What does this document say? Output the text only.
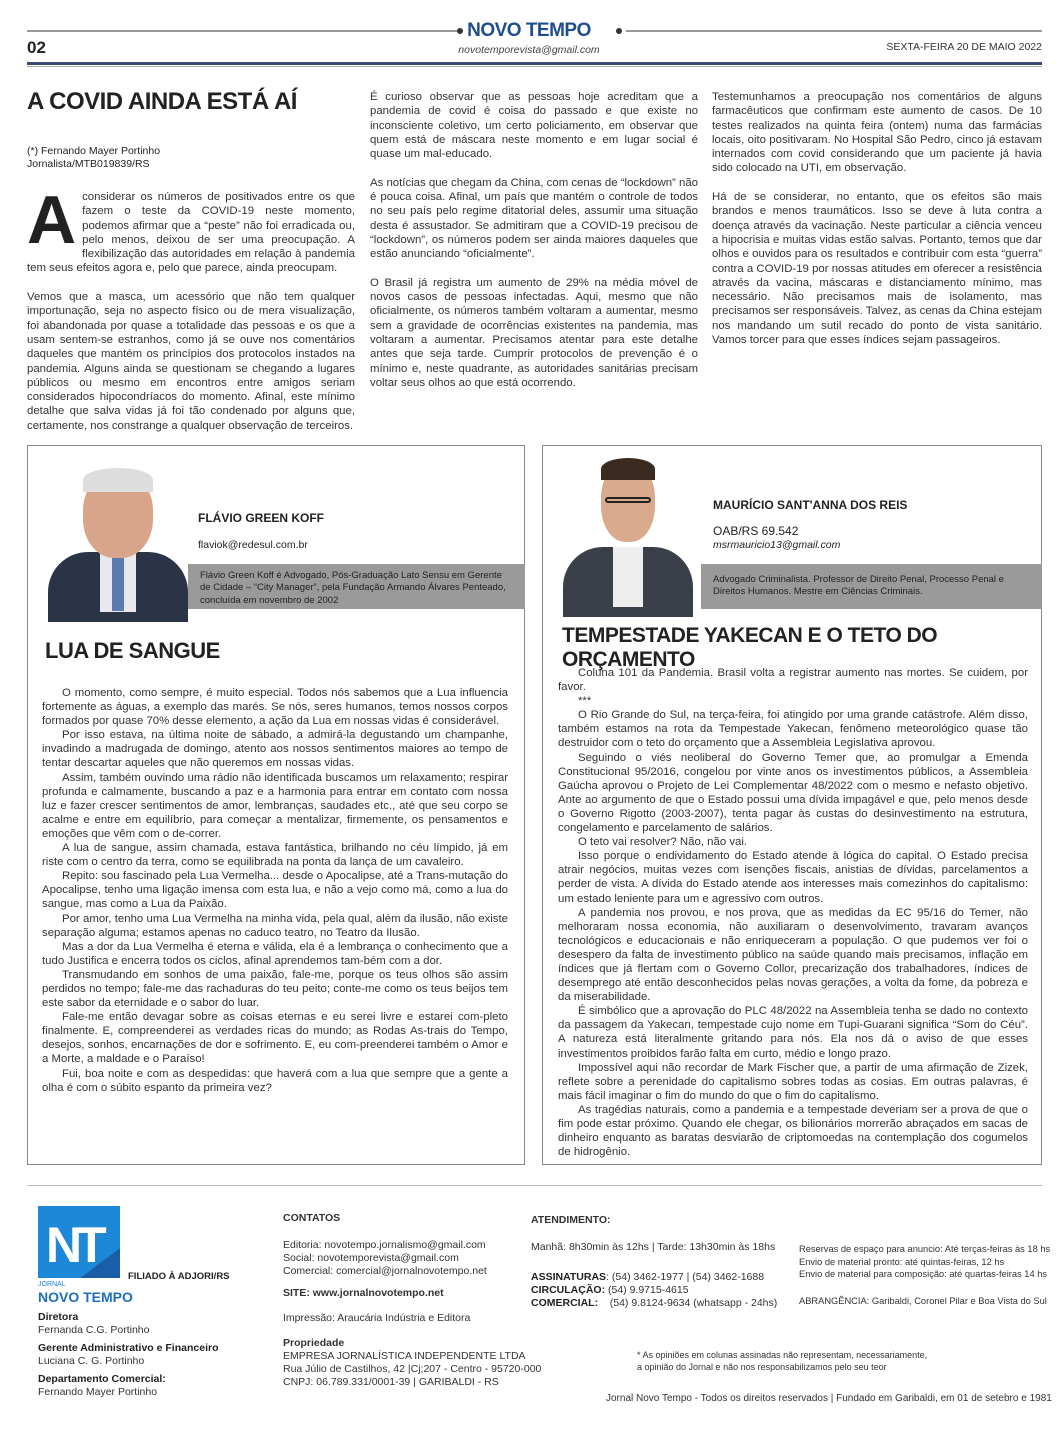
NOVO TEMPO
novotemporevista@gmail.com
02	SEXTA-FEIRA 20 DE MAIO 2022
A COVID AINDA ESTÁ AÍ
(*) Fernando Mayer Portinho
Jornalista/MTB019839/RS

Aconsiderar os números de positivados entre os que fazem o teste da COVID-19 neste momento, podemos afirmar que a “peste” não foi erradicada ou, pelo menos, deixou de ser uma preocupação. A flexibilização das autoridades em relação à pandemia tem seus efeitos agora e, pelo que parece, ainda preocupam.

Vemos que a masca, um acessório que não tem qualquer importunação, seja no aspecto físico ou de mera visualização, foi abandonada por quase a totalidade das pessoas e os que a usam sentem-se estranhos, como já se ouve nos comentários daqueles que mantém os princípios dos protocolos instados na pandemia. Alguns ainda se questionam se chegando a lugares públicos ou mesmo em encontros entre amigos seriam considerados hipocondríacos do momento. Afinal, este mínimo detalhe que salva vidas já foi tão condenado por alguns que, certamente, nos constrange a qualquer observação de terceiros.

É curioso observar que as pessoas hoje acreditam que a pandemia de covid é coisa do passado e que existe no inconsciente coletivo, um certo policiamento, em observar que quem está de máscara neste momento e em lugar social é quase um mal-educado.

As notícias que chegam da China, com cenas de “lockdown” não é pouca coisa. Afinal, um país que mantém o controle de todos no seu país pelo regime ditatorial deles, assumir uma situação desta é assustador. Se admitiram que a COVID-19 precisou de “lockdown”, os números podem ser ainda maiores daqueles que estão anunciando “oficialmente”.

O Brasil já registra um aumento de 29% na média móvel de novos casos de pessoas infectadas. Aqui, mesmo que não oficialmente, os números também voltaram a aumentar, mesmo sem a gravidade de ocorrências existentes na pandemia, mas voltaram a aumentar. Precisamos atentar para este detalhe antes que seja tarde. Cumprir protocolos de prevenção é o mínimo e, neste quadrante, as autoridades sanitárias precisam voltar seus olhos ao que está ocorrendo.

Testemunhamos a preocupação nos comentários de alguns farmacêuticos que confirmam este aumento de casos. De 10 testes realizados na quinta feira (ontem) numa das farmácias locais, oito positivaram. No Hospital São Pedro, cinco já estavam internados com covid considerando que um paciente já havia sido colocado na UTI, em observação.

Há de se considerar, no entanto, que os efeitos são mais brandos e menos traumáticos. Isso se deve à luta contra a doença através da vacinação. Neste particular a ciência venceu a hipocrisia e muitas vidas estão salvas. Portanto, temos que dar olhos e ouvidos para os resultados e contribuir com esta “guerra” contra a COVID-19 por nossas atitudes em oferecer a resistência através da vacina, máscaras e distanciamento mínimo, mas necessário. Não precisamos mais de isolamento, mas precisamos ser responsáveis. Talvez, as cenas da China estejam nos mandando um sutil recado do ponto de vista sanitário. Vamos torcer para que esses índices sejam passageiros.

FLÁVIO GREEN KOFF
flaviok@redesul.com.br
Flávio Green Koff é Advogado, Pós-Graduação Lato Sensu em Gerente de Cidade – “City Manager”, pela Fundação Armando Álvares Penteado, concluída em novembro de 2002
LUA DE SANGUE

O momento, como sempre, é muito especial. Todos nós sabemos que a Lua influencia fortemente as águas, a exemplo das marés. Se nós, seres humanos, temos nossos corpos formados por quase 70% desse elemento, a ação da Lua em nossas vidas é considerável.

Por isso estava, na última noite de sábado, a admirá-la degustando um champanhe, invadindo a madrugada de domingo, atento aos nossos sentimentos maiores ao tempo de tentar descartar aqueles que não queremos em nossas vidas.

Assim, também ouvindo uma rádio não identificada buscamos um relaxamento; respirar profunda e calmamente, buscando a paz e a harmonia para entrar em contato com nossa luz e fazer crescer sentimentos de amor, lembranças, saudades etc., até que seu corpo se acalme e entre em equilíbrio, para começar a mentalizar, firmemente, os pensamentos e emoções que vêm com o de-correr.

A lua de sangue, assim chamada, estava fantástica, brilhando no céu límpido, já em riste com o centro da terra, como se equilibrada na ponta da lança de um cavaleiro.

Repito: sou fascinado pela Lua Vermelha... desde o Apocalipse, até a Trans-mutação do Apocalipse, tenho uma ligação imensa com esta lua, e não a vejo como má, como a lua do sangue, mas como a Lua da Paixão.

Por amor, tenho uma Lua Vermelha na minha vida, pela qual, além da ilusão, não existe separação alguma; estamos apenas no caduco teatro, no Teatro da Ilusão.

Mas a dor da Lua Vermelha é eterna e válida, ela é a lembrança o conhecimento que a tudo Justifica e encerra todos os ciclos, afinal aprendemos tam-bém com a dor.

Transmudando em sonhos de uma paixão, fale-me, porque os teus olhos são assim perdidos no tempo; fale-me das rachaduras do teu peito; conte-me como os teus beijos tem este sabor da eternidade e o sabor do luar.

Fale-me então devagar sobre as coisas eternas e eu serei livre e estarei com-pleto finalmente. E, compreenderei as verdades ricas do mundo; as Rodas As-trais do Tempo, desejos, sonhos, encarnações de dor e sofrimento. E, eu com-preenderei também o Amor e a Morte, a maldade e o Paraíso!

Fui, boa noite e com as despedidas: que haverá com a lua que sempre que a gente a olha é com o súbito espanto da primeira vez?

MAURÍCIO SANT'ANNA DOS REIS
OAB/RS 69.542
msrmauricio13@gmail.com
Advogado Criminalista. Professor de Direito Penal, Processo Penal e Direitos Humanos. Mestre em Ciências Criminais.
TEMPESTADE YAKECAN E O TETO DO ORÇAMENTO

Coluna 101 da Pandemia. Brasil volta a registrar aumento nas mortes. Se cuidem, por favor.

***

O Rio Grande do Sul, na terça-feira, foi atingido por uma grande catástrofe. Além disso, também estamos na rota da Tempestade Yakecan, fenômeno meteorológico quase tão destruidor com o teto do orçamento que a Assembleia Legislativa aprovou.

Seguindo o viés neoliberal do Governo Temer que, ao promulgar a Emenda Constitucional 95/2016, congelou por vinte anos os investimentos públicos, a Assembleia Gaúcha aprovou o Projeto de Lei Complementar 48/2022 com o mesmo e nefasto objetivo. Ante ao argumento de que o Estado possui uma dívida impagável e que, pelo menos desde o Governo Rigotto (2003-2007), tenta pagar às custas do desinvestimento na estrutura, congelamento e parcelamento de salários.

O teto vai resolver? Não, não vai.

Isso porque o endividamento do Estado atende à lógica do capital. O Estado precisa atrair negócios, muitas vezes com isenções fiscais, anistias de dívidas, parcelamentos a perder de vista. A dívida do Estado atende aos interesses mais comezinhos do capitalismo: um estado leniente para um e agressivo com outros.

A pandemia nos provou, e nos prova, que as medidas da EC 95/16 do Temer, não melhoraram nossa economia, não auxiliaram o desenvolvimento, travaram avanços tecnológicos e educacionais e não enriqueceram a população. O que pudemos ver foi o desespero da falta de investimento público na saúde quando mais precisamos, inflação em índices que já flertam com o Governo Collor, precarização dos trabalhadores, índices de desemprego até então desconhecidos pelas novas gerações, a volta da fome, da pobreza e da miserabilidade.

É simbólico que a aprovação do PLC 48/2022 na Assembleia tenha se dado no contexto da passagem da Yakecan, tempestade cujo nome em Tupi-Guarani significa “Som do Céu”. A natureza está literalmente gritando para nós. Ela nos dá o aviso de que esses investimentos proibidos farão falta em curto, médio e longo prazo.

Impossível aqui não recordar de Mark Fischer que, a partir de uma afirmação de Zizek, reflete sobre a perenidade do capitalismo sobres todas as cosias. Em outras palavras, é mais fácil imaginar o fim do mundo do que o fim do capitalismo.

As tragédias naturais, como a pandemia e a tempestade deveriam ser a prova de que o fim pode estar próximo. Quando ele chegar, os bilionários morrerão abraçados em sacas de dinheiro enquanto as baratas desviarão de criptomoedas na contemplação dos cogumelos de hidrogênio.

NT
JORNAL
NOVO TEMPO
FILIADO À ADJORI/RS
Diretora
Fernanda C.G. Portinho
Gerente Administrativo e Financeiro
Luciana C. G. Portinho
Departamento Comercial:
Fernando Mayer Portinho
CONTATOS
Editoria: novotempo.jornalismo@gmail.com
Social: novotemporevista@gmail.com
Comercial: comercial@jornalnovotempo.net
SITE: www.jornalnovotempo.net
Impressão: Araucária Indústria e Editora
Propriedade
EMPRESA JORNALÍSTICA INDEPENDENTE LTDA
Rua Júlio de Castilhos, 42 |Cj;207 - Centro - 95720-000
CNPJ: 06.789.331/0001-39 | GARIBALDI - RS
ATENDIMENTO:
Manhã: 8h30min às 12hs | Tarde: 13h30min às 18hs
ASSINATURAS: (54) 3462-1977 | (54) 3462-1688
CIRCULAÇÃO: (54) 9.9715-4615
COMERCIAL: (54) 9.8124-9634 (whatsapp - 24hs)
Reservas de espaço para anuncio: Até terças-feiras às 18 hs
Envio de material pronto: até quintas-feiras, 12 hs
Envio de material para composição: até quartas-feiras 14 hs
ABRANGÊNCIA: Garibaldi, Coronel Pilar e Boa Vista do Sul
* As opiniões em colunas assinadas não representam, necessariamente,
a opinião do Jornal e não nos responsabilizamos pelo seu teor
Jornal Novo Tempo - Todos os direitos reservados | Fundado em Garibaldi, em 01 de setebro e 1981
